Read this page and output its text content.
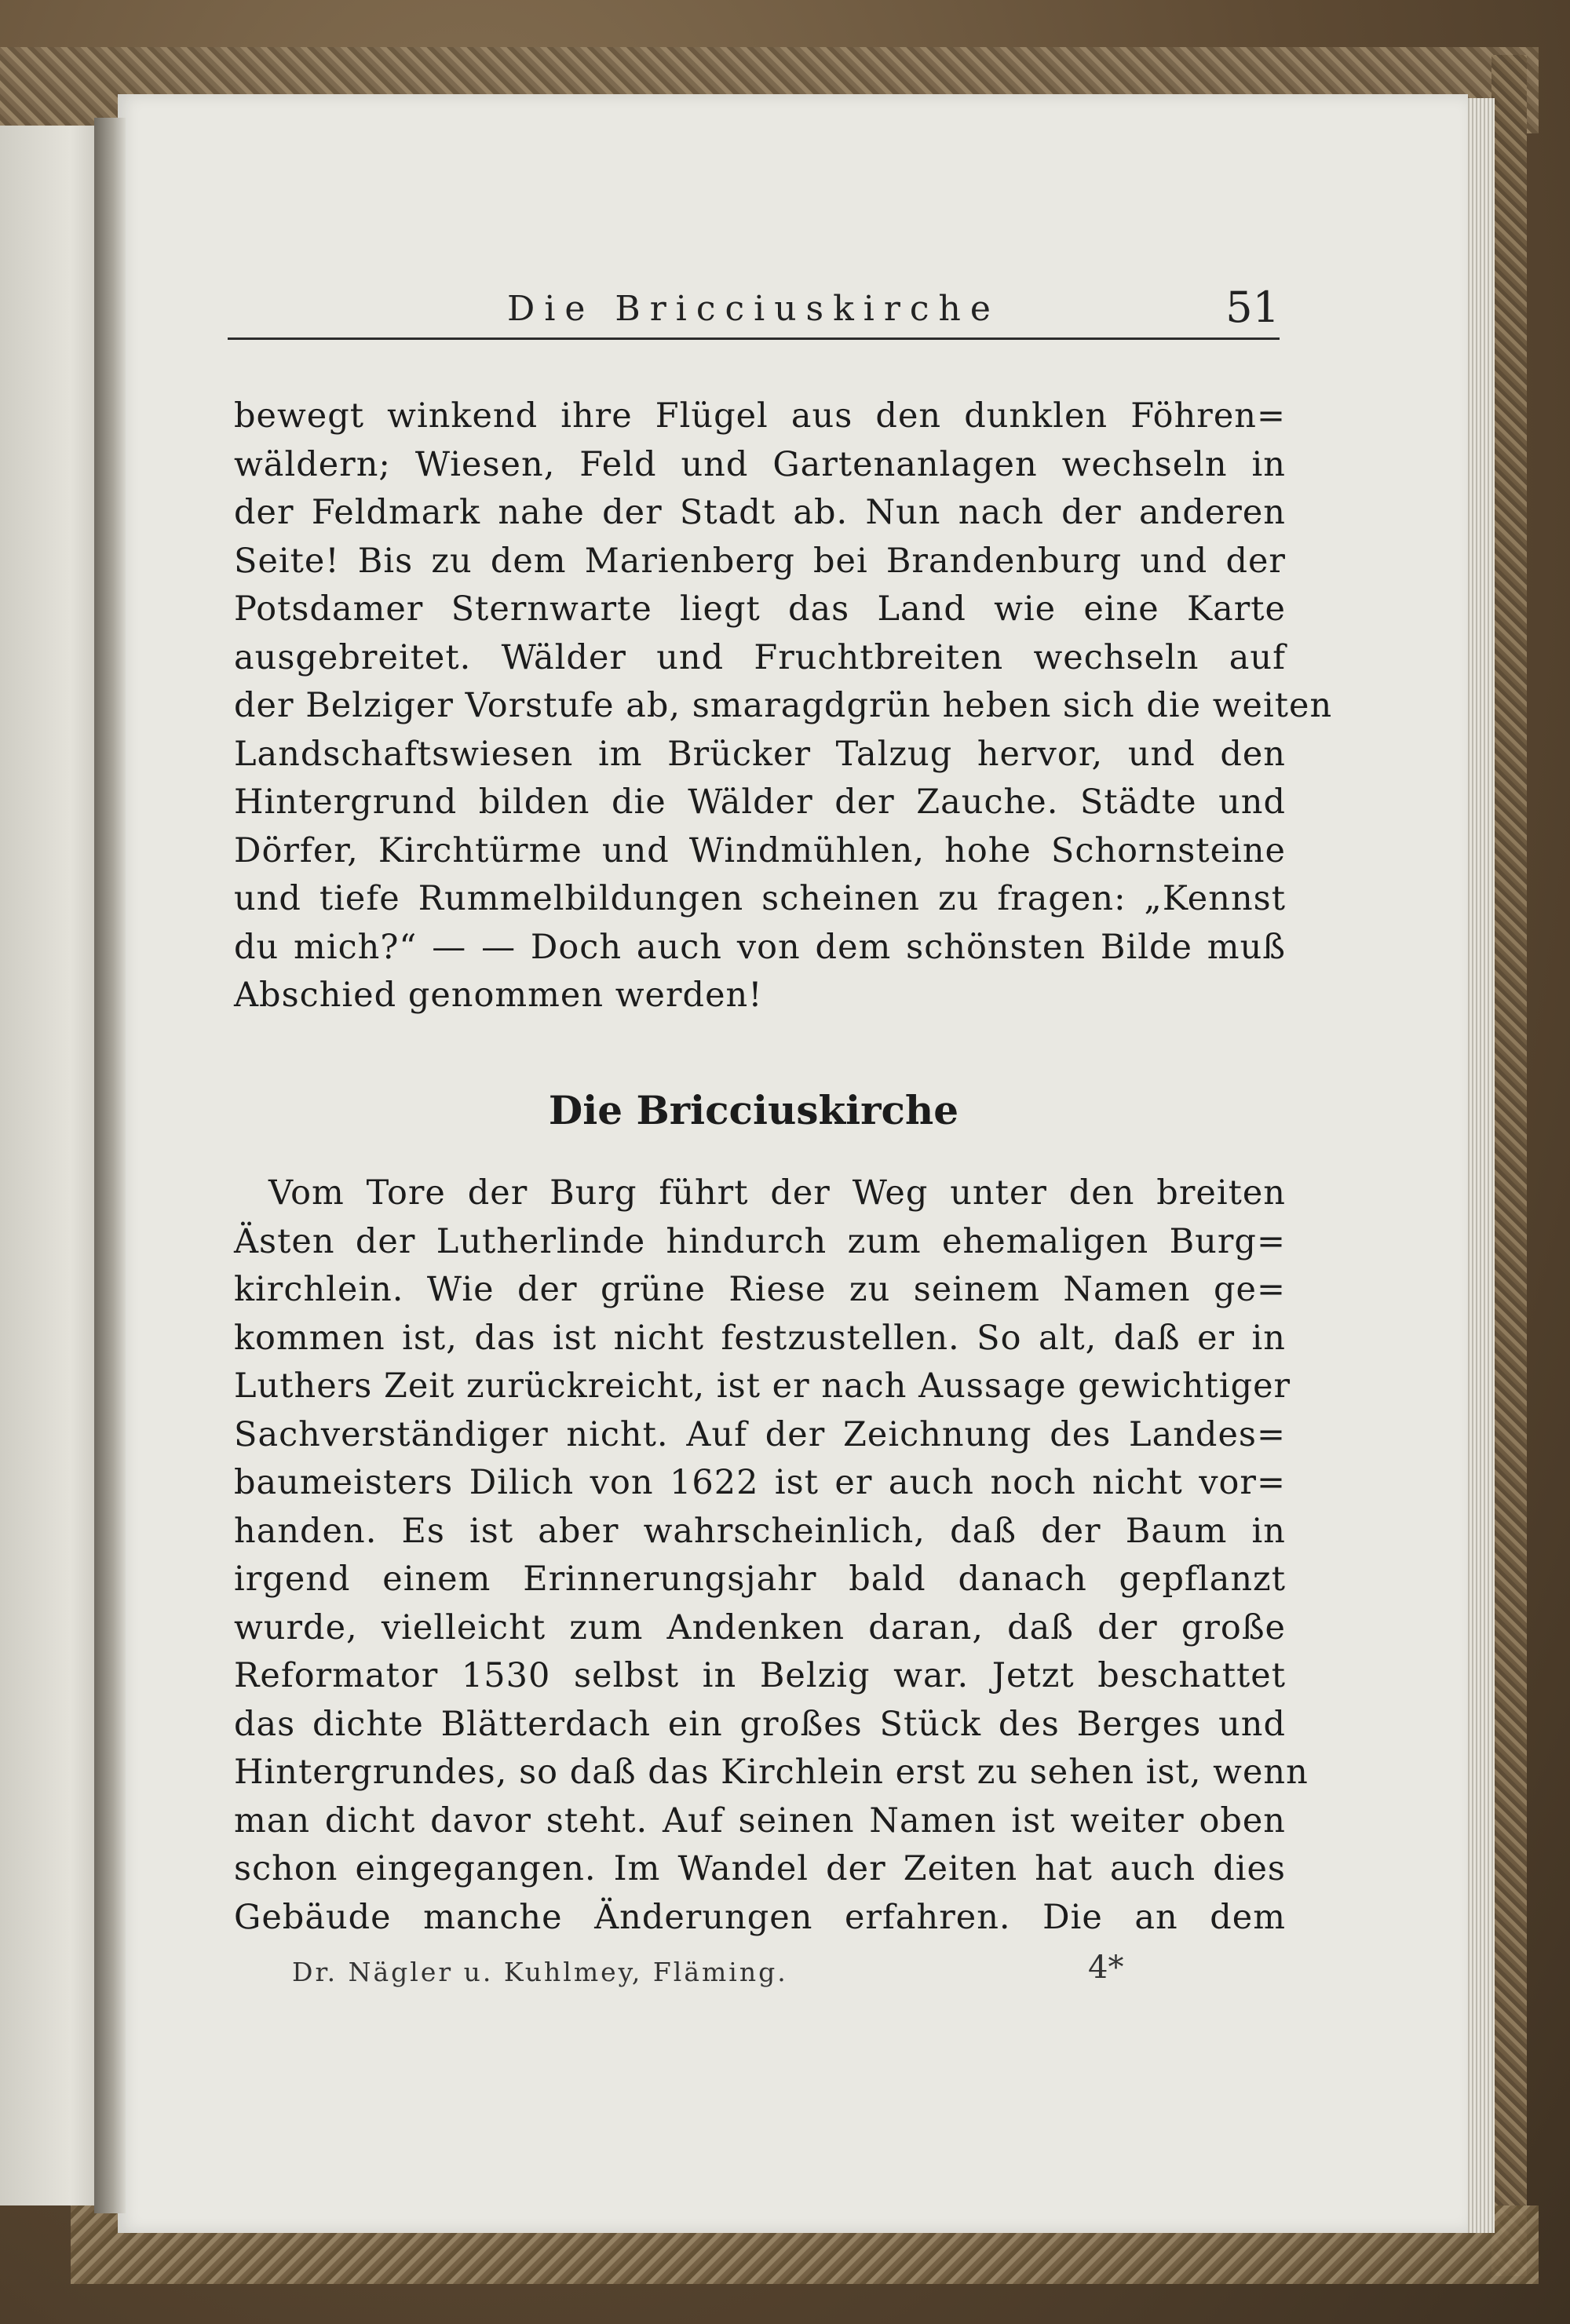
Die Bricciuskirche	51
bewegt winkend ihre Flügel aus den dunklen Föhren=
wäldern; Wiesen, Feld und Gartenanlagen wechseln in
der Feldmark nahe der Stadt ab. Nun nach der anderen
Seite! Bis zu dem Marienberg bei Brandenburg und der
Potsdamer Sternwarte liegt das Land wie eine Karte
ausgebreitet. Wälder und Fruchtbreiten wechseln auf
der Belziger Vorstufe ab, smaragdgrün heben sich die weiten
Landschaftswiesen im Brücker Talzug hervor, und den
Hintergrund bilden die Wälder der Zauche. Städte und
Dörfer, Kirchtürme und Windmühlen, hohe Schornsteine
und tiefe Rummelbildungen scheinen zu fragen: „Kennst
du mich?“ — — Doch auch von dem schönsten Bilde muß
Abschied genommen werden!
Die Bricciuskirche
Vom Tore der Burg führt der Weg unter den breiten
Ästen der Lutherlinde hindurch zum ehemaligen Burg=
kirchlein. Wie der grüne Riese zu seinem Namen ge=
kommen ist, das ist nicht festzustellen. So alt, daß er in
Luthers Zeit zurückreicht, ist er nach Aussage gewichtiger
Sachverständiger nicht. Auf der Zeichnung des Landes=
baumeisters Dilich von 1622 ist er auch noch nicht vor=
handen. Es ist aber wahrscheinlich, daß der Baum in
irgend einem Erinnerungsjahr bald danach gepflanzt
wurde, vielleicht zum Andenken daran, daß der große
Reformator 1530 selbst in Belzig war. Jetzt beschattet
das dichte Blätterdach ein großes Stück des Berges und
Hintergrundes, so daß das Kirchlein erst zu sehen ist, wenn
man dicht davor steht. Auf seinen Namen ist weiter oben
schon eingegangen. Im Wandel der Zeiten hat auch dies
Gebäude manche Änderungen erfahren. Die an dem
Dr. Nägler u. Kuhlmey, Fläming.	4*
